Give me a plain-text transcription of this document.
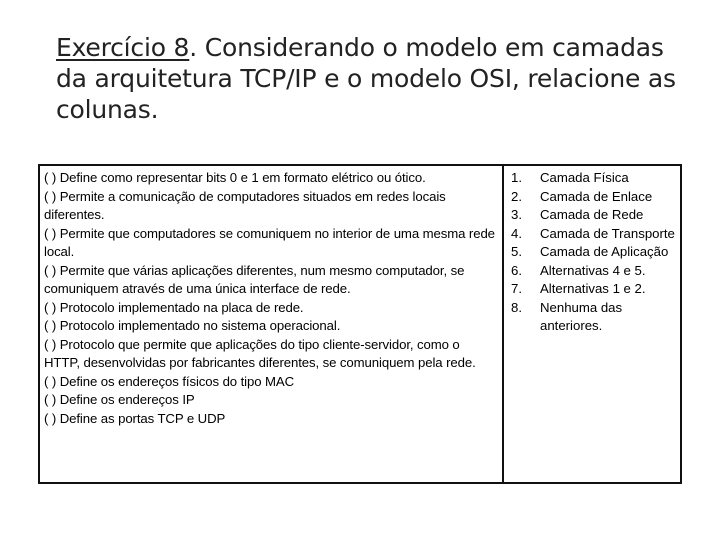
Exercício 8. Considerando o modelo em camadas da arquitetura TCP/IP e o modelo OSI, relacione as colunas.

( ) Define como representar bits 0 e 1 em formato elétrico ou ótico.

( ) Permite a comunicação de computadores situados em redes locais diferentes.

( ) Permite que computadores se comuniquem no interior de uma mesma rede local.

( ) Permite que várias aplicações diferentes, num mesmo computador, se comuniquem através de uma única interface de rede.

( ) Protocolo implementado na placa de rede.

( ) Protocolo implementado no sistema operacional.

( ) Protocolo que permite que aplicações do tipo cliente-servidor, como o HTTP, desenvolvidas por fabricantes diferentes, se comuniquem pela rede.

( ) Define os endereços físicos do tipo MAC

( ) Define os endereços IP

( ) Define as portas TCP e UDP

1.	Camada Física
2.	Camada de Enlace
3.	Camada de Rede
4.	Camada de Transporte
5.	Camada de Aplicação
6.	Alternativas 4 e 5.
7.	Alternativas 1 e 2.
8.	Nenhuma das anteriores.
